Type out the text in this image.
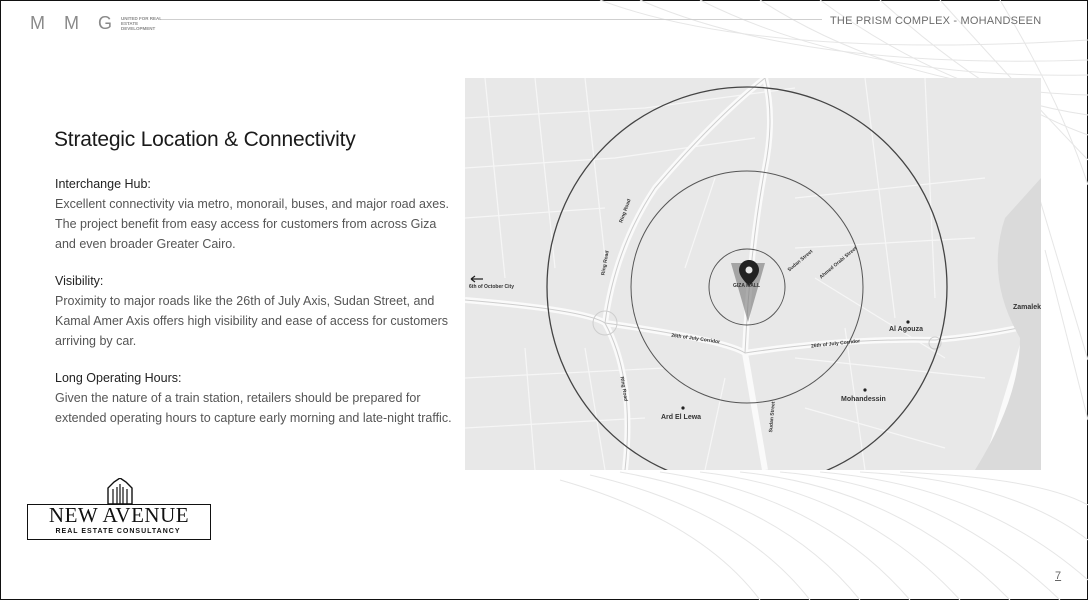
M M G UNITED FOR REAL ESTATE DEVELOPMENT
THE PRISM COMPLEX - MOHANDSEEN
Strategic Location & Connectivity
Interchange Hub:

Excellent connectivity via metro, monorail, buses, and major road axes. The project benefit from easy access for customers from across Giza and even broader Greater Cairo.

Visibility:

Proximity to major roads like the 26th of July Axis, Sudan Street, and Kamal Amer Axis offers high visibility and ease of access for customers arriving by car.

Long Operating Hours:

Given the nature of a train station, retailers should be prepared for extended operating hours to capture early morning and late-night traffic.

GIZA MALL
6th of October City
Zamalek
Al Agouza
Mohandessin
Ard El Lewa
26th of July Corridor	26th of July Corridor
Sudan Street
Sudan Street
Ring Road
Ring Road
Ring Road
Ahmed Orabi Street
NEW AVENUE
REAL ESTATE CONSULTANCY
7
